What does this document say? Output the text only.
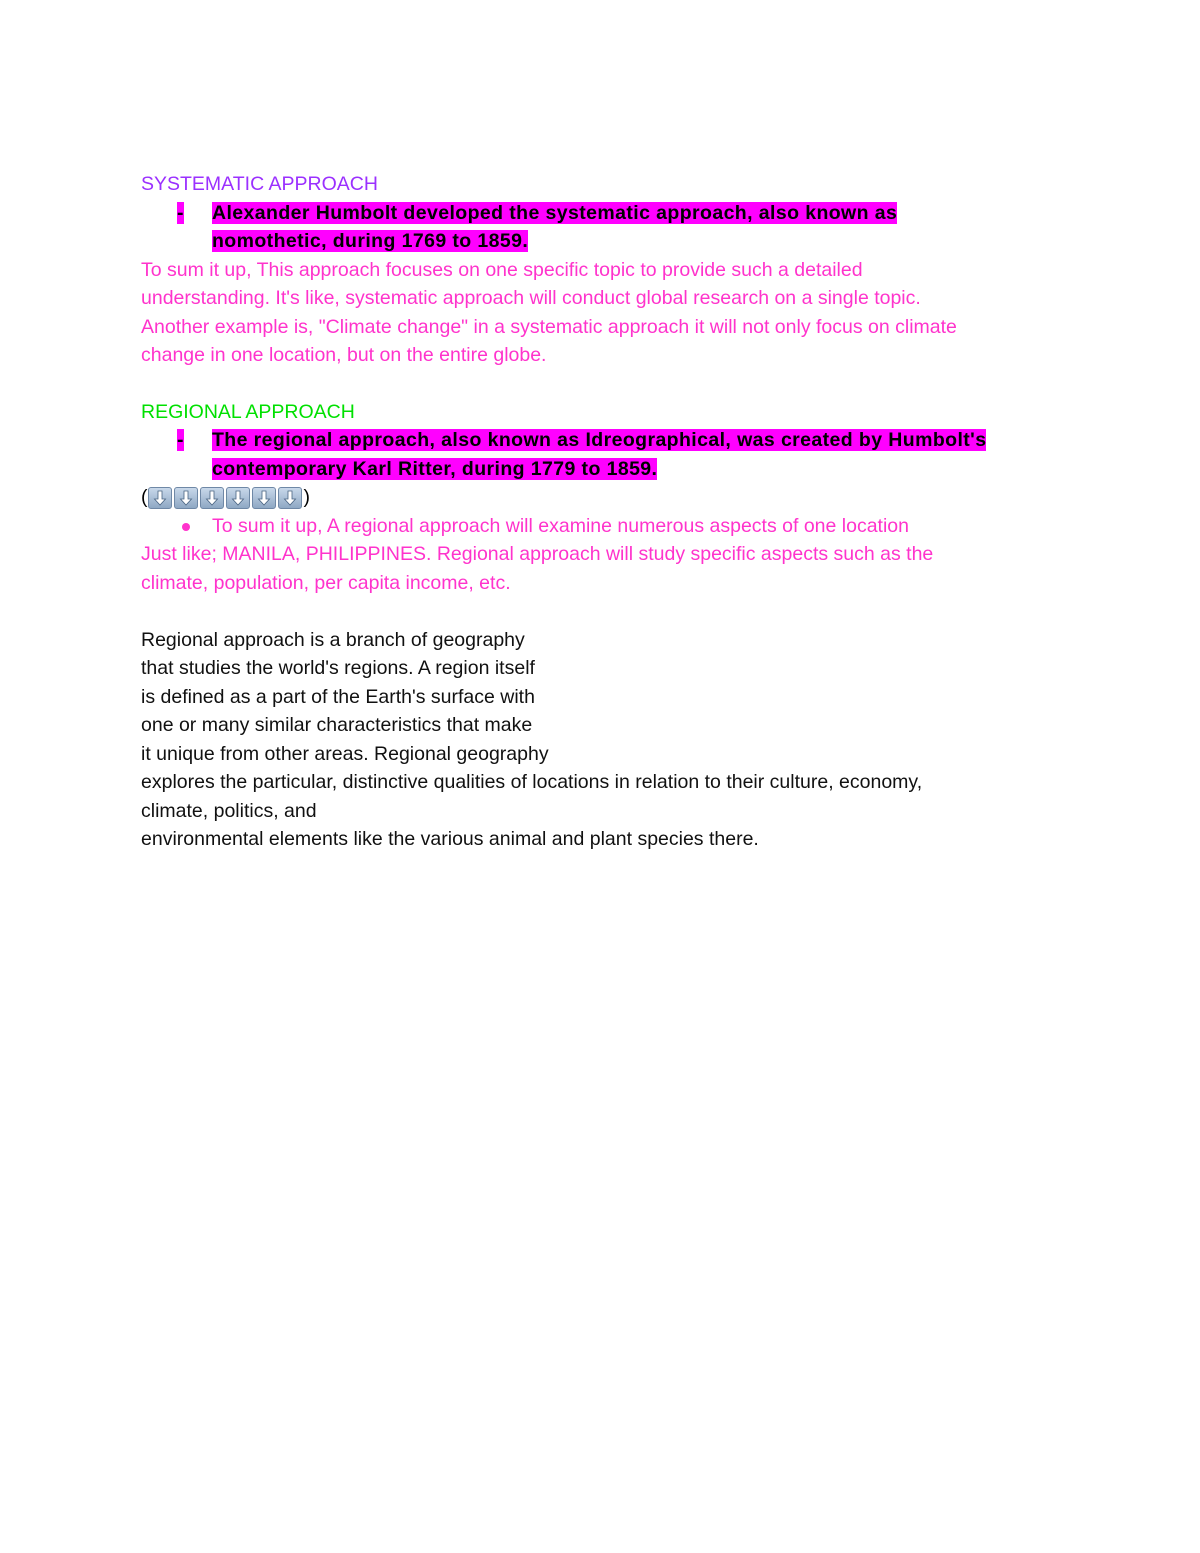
SYSTEMATIC APPROACH
-	Alexander Humbolt developed the systematic approach, also known as

nomothetic, during 1769 to 1859.

To sum it up, This approach focuses on one specific topic to provide such a detailed

understanding. It's like, systematic approach will conduct global research on a single topic.

Another example is, "Climate change" in a systematic approach it will not only focus on climate

change in one location, but on the entire globe.

REGIONAL APPROACH
-	The regional approach, also known as Idreographical, was created by Humbolt's

contemporary Karl Ritter, during 1779 to 1859.

(	)

To sum it up, A regional approach will examine numerous aspects of one location

Just like; MANILA, PHILIPPINES. Regional approach will study specific aspects such as the

climate, population, per capita income, etc.

Regional approach is a branch of geography

that studies the world's regions. A region itself

is defined as a part of the Earth's surface with

one or many similar characteristics that make

it unique from other areas. Regional geography

explores the particular, distinctive qualities of locations in relation to their culture, economy,

climate, politics, and

environmental elements like the various animal and plant species there.
